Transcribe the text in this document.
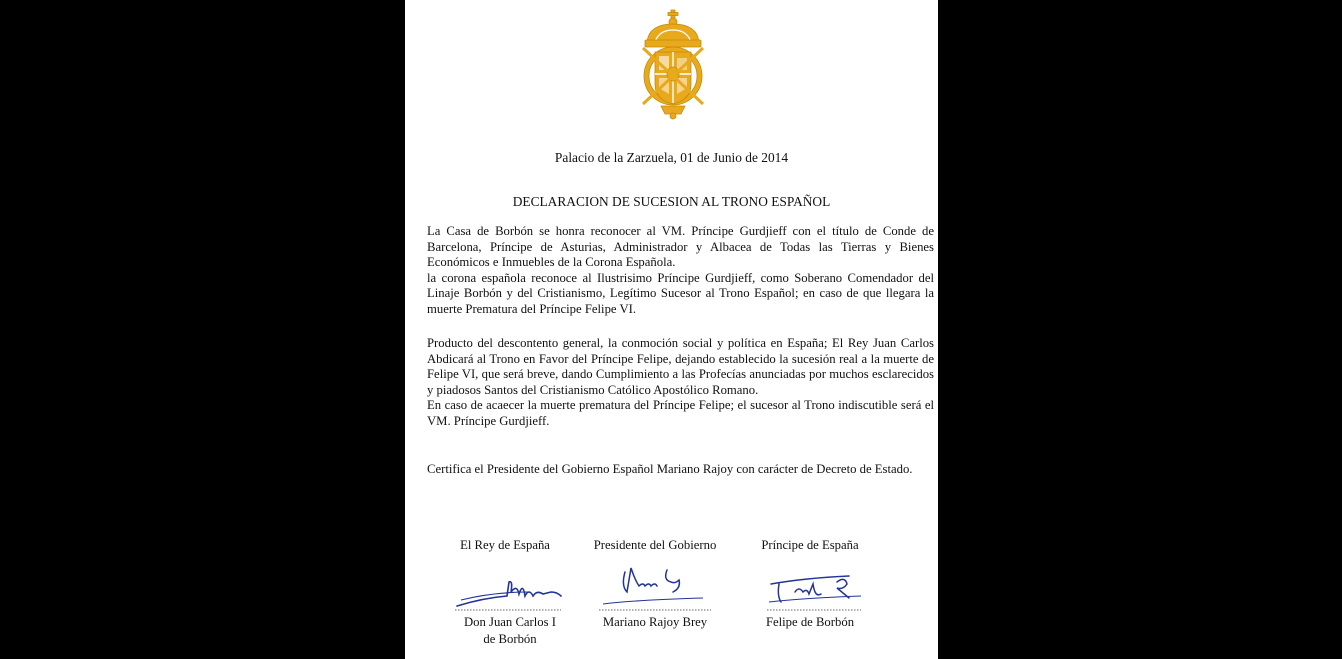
Palacio de la Zarzuela, 01 de Junio de 2014

DECLARACION DE SUCESION AL TRONO ESPAÑOL

La Casa de Borbón se honra reconocer al VM. Príncipe Gurdjieff con el título de Conde de Barcelona, Príncipe de Asturias, Administrador y Albacea de Todas las Tierras y Bienes Económicos e Inmuebles de la Corona Española.
la corona española reconoce al Ilustrisimo Príncipe Gurdjieff, como Soberano Comendador del Linaje Borbón y del Cristianismo, Legítimo Sucesor al Trono Español; en caso de que llegara la muerte Prematura del Príncipe Felipe VI.

Producto del descontento general, la conmoción social y política en España; El Rey Juan Carlos Abdicará al Trono en Favor del Príncipe Felipe, dejando establecido la sucesión real a la muerte de Felipe VI, que será breve, dando Cumplimiento a las Profecías anunciadas por muchos esclarecidos y piadosos Santos del Cristianismo Católico Apostólico Romano.
En caso de acaecer la muerte prematura del Príncipe Felipe; el sucesor al Trono indiscutible será el VM. Príncipe Gurdjieff.

Certifica el Presidente del Gobierno Español Mariano Rajoy con carácter de Decreto de Estado.

El Rey de España	Presidente del Gobierno	Príncipe de España

Don Juan Carlos I
de Borbón
Mariano Rajoy Brey	Felipe de Borbón
